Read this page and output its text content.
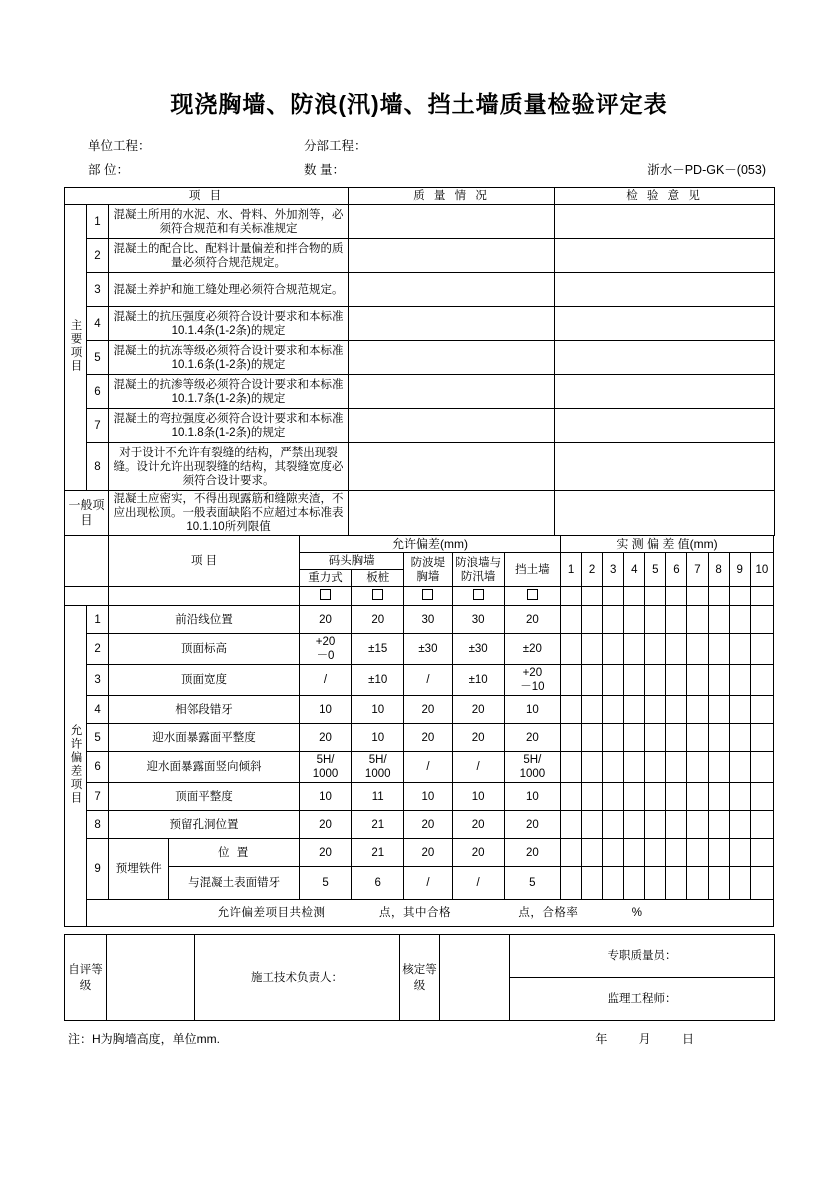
现浇胸墙、防浪(汛)墙、挡土墙质量检验评定表
单位工程：	分部工程：
部 位：	数 量：	浙水－PD-GK－(053)
项 目			质 量 情 况	检 验 意 见
主要项目	1	混凝土所用的水泥、水、骨料、外加剂等，必须符合规范和有关标准规定		
	2	混凝土的配合比、配料计量偏差和拌合物的质量必须符合规范规定。		
	3	混凝土养护和施工缝处理必须符合规范规定。		
	4	混凝土的抗压强度必须符合设计要求和本标准10.1.4条(1-2条)的规定		
	5	混凝土的抗冻等级必须符合设计要求和本标准10.1.6条(1-2条)的规定		
	6	混凝土的抗渗等级必须符合设计要求和本标准10.1.7条(1-2条)的规定		
	7	混凝土的弯拉强度必须符合设计要求和本标准10.1.8条(1-2条)的规定		
	8	对于设计不允许有裂缝的结构，严禁出现裂缝。设计允许出现裂缝的结构，其裂缝宽度必须符合设计要求。		
一般项目		混凝土应密实，不得出现露筋和缝隙夹渣，不应出现松顶。一般表面缺陷不应超过本标准表10.1.10所列限值		
		项 目		允许偏差(mm)					实 测 偏 差 值(mm)									
				码头胸墙		防波堤胸墙	防浪墙与防汛墙	挡土墙	1	2	3	4	5	6	7	8	9	10
				重力式	板桩													

允许偏差项目	1	前沿线位置		20	20	30	30	20										
	2	顶面标高		+20
－0	±15	±30	±30	±20										
	3	顶面宽度		/	±10	/	±10	+20
－10										
	4	相邻段错牙		10	10	20	20	10										
	5	迎水面暴露面平整度		20	10	20	20	20										
	6	迎水面暴露面竖向倾斜		5H/
1000	5H/
1000	/	/	5H/
1000										
	7	顶面平整度		10	11	10	10	10										
	8	预留孔洞位置		20	21	20	20	20										
	9	预埋铁件	位 置	20	21	20	20	20										
			与混凝土表面错牙	5	6	/	/	5										
	允许偏差项目共检测 点，其中合格 点，合格率 %																	
自评等级		施工技术负责人：	核定等级		专职质量员：
监理工程师：
注：H为胸墙高度，单位mm.	年 月 日
